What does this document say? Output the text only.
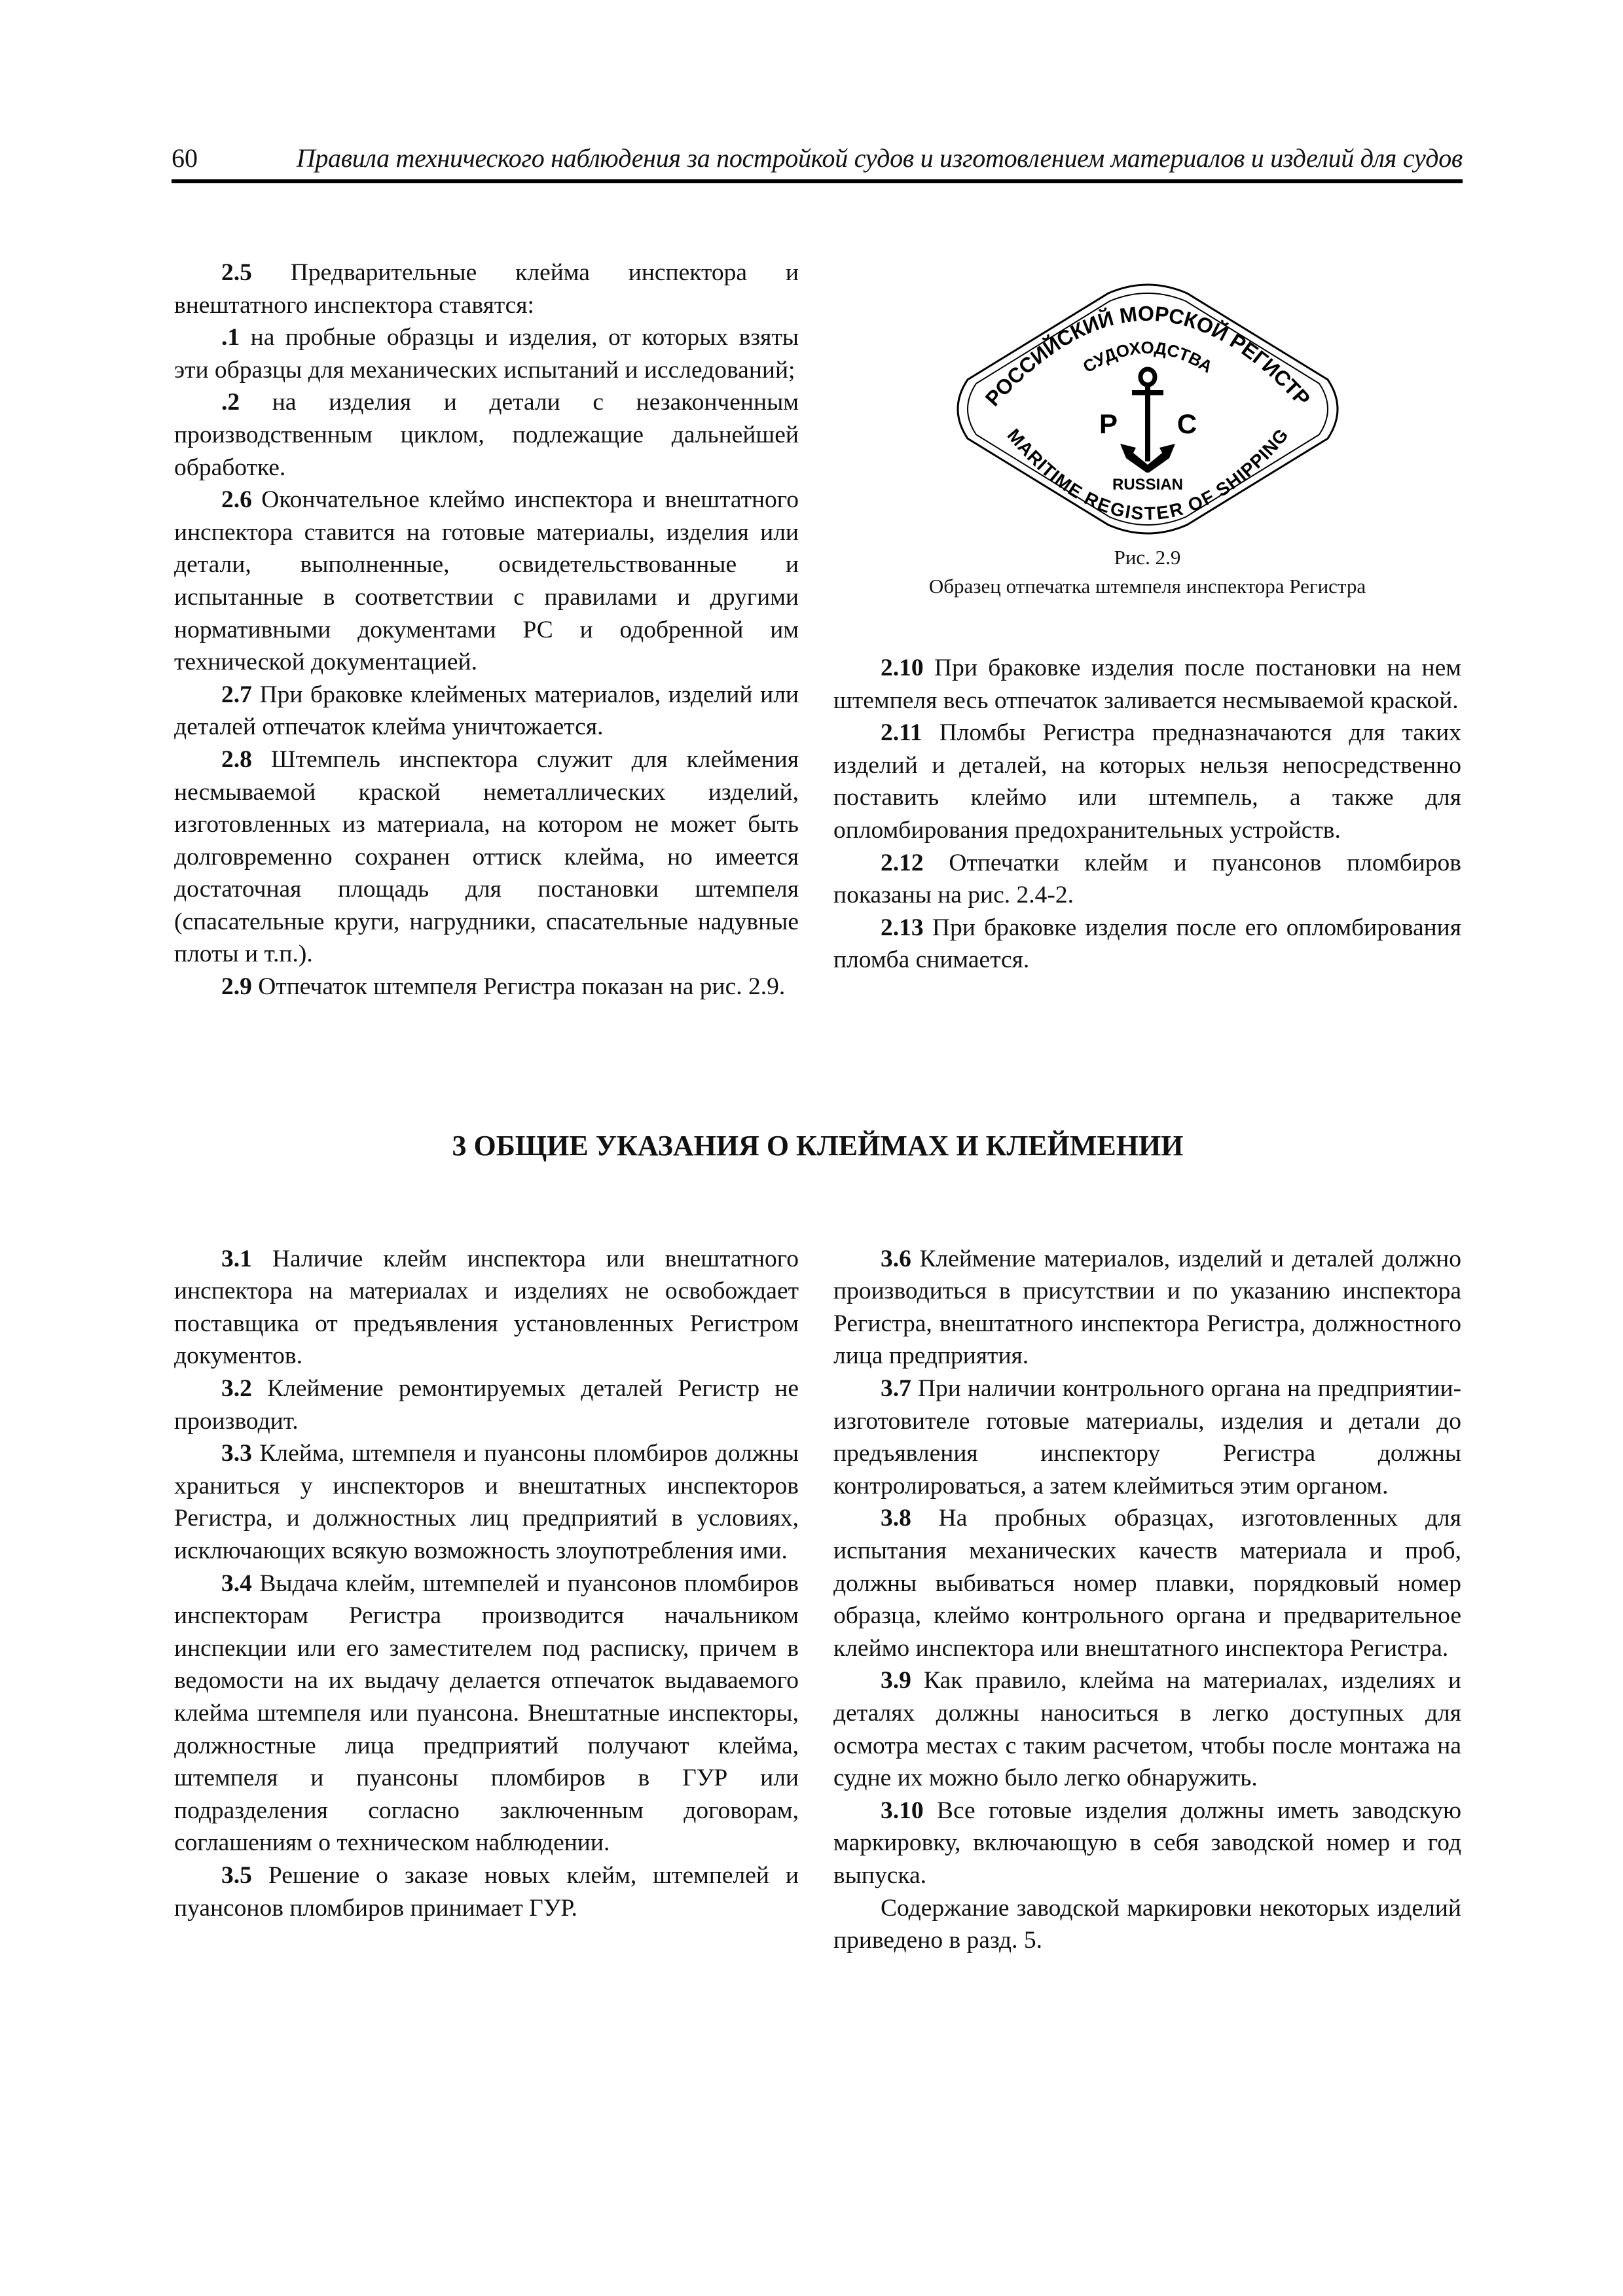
60	Правила технического наблюдения за постройкой судов и изготовлением материалов и изделий для судов

2.5 Предварительные клейма инспектора и внештатного инспектора ставятся:

.1 на пробные образцы и изделия, от которых взяты эти образцы для механических испытаний и исследований;

.2 на изделия и детали с незаконченным производственным циклом, подлежащие дальнейшей обработке.

2.6 Окончательное клеймо инспектора и внештатного инспектора ставится на готовые материалы, изделия или детали, выполненные, освидетельствованные и испытанные в соответствии с правилами и другими нормативными документами РС и одобренной им технической документацией.

2.7 При браковке клейменых материалов, изделий или деталей отпечаток клейма уничтожается.

2.8 Штемпель инспектора служит для клеймения несмываемой краской неметаллических изделий, изготовленных из материала, на котором не может быть долговременно сохранен оттиск клейма, но имеется достаточная площадь для постановки штемпеля (спасательные круги, нагрудники, спасательные надувные плоты и т.п.).

2.9 Отпечаток штемпеля Регистра показан на рис. 2.9.

РОССИЙСКИЙ МОРСКОЙ РЕГИСТР
СУДОХОДСТВА
MARITIME REGISTER OF SHIPPING
RUSSIAN
Р С
Рис. 2.9
Образец отпечатка штемпеля инспектора Регистра

2.10 При браковке изделия после постановки на нем штемпеля весь отпечаток заливается несмываемой краской.

2.11 Пломбы Регистра предназначаются для таких изделий и деталей, на которых нельзя непосредственно поставить клеймо или штемпель, а также для опломбирования предохранительных устройств.

2.12 Отпечатки клейм и пуансонов пломбиров показаны на рис. 2.4-2.

2.13 При браковке изделия после его опломбирования пломба снимается.

3 ОБЩИЕ УКАЗАНИЯ О КЛЕЙМАХ И КЛЕЙМЕНИИ

3.1 Наличие клейм инспектора или внештатного инспектора на материалах и изделиях не освобождает поставщика от предъявления установленных Регистром документов.

3.2 Клеймение ремонтируемых деталей Регистр не производит.

3.3 Клейма, штемпеля и пуансоны пломбиров должны храниться у инспекторов и внештатных инспекторов Регистра, и должностных лиц предприятий в условиях, исключающих всякую возможность злоупотребления ими.

3.4 Выдача клейм, штемпелей и пуансонов пломбиров инспекторам Регистра производится начальником инспекции или его заместителем под расписку, причем в ведомости на их выдачу делается отпечаток выдаваемого клейма штемпеля или пуансона. Внештатные инспекторы, должностные лица предприятий получают клейма, штемпеля и пуансоны пломбиров в ГУР или подразделения согласно заключенным договорам, соглашениям о техническом наблюдении.

3.5 Решение о заказе новых клейм, штемпелей и пуансонов пломбиров принимает ГУР.

3.6 Клеймение материалов, изделий и деталей должно производиться в присутствии и по указанию инспектора Регистра, внештатного инспектора Регистра, должностного лица предприятия.

3.7 При наличии контрольного органа на предприятии-изготовителе готовые материалы, изделия и детали до предъявления инспектору Регистра должны контролироваться, а затем клеймиться этим органом.

3.8 На пробных образцах, изготовленных для испытания механических качеств материала и проб, должны выбиваться номер плавки, порядковый номер образца, клеймо контрольного органа и предварительное клеймо инспектора или внештатного инспектора Регистра.

3.9 Как правило, клейма на материалах, изделиях и деталях должны наноситься в легко доступных для осмотра местах с таким расчетом, чтобы после монтажа на судне их можно было легко обнаружить.

3.10 Все готовые изделия должны иметь заводскую маркировку, включающую в себя заводской номер и год выпуска.

Содержание заводской маркировки некоторых изделий приведено в разд. 5.
